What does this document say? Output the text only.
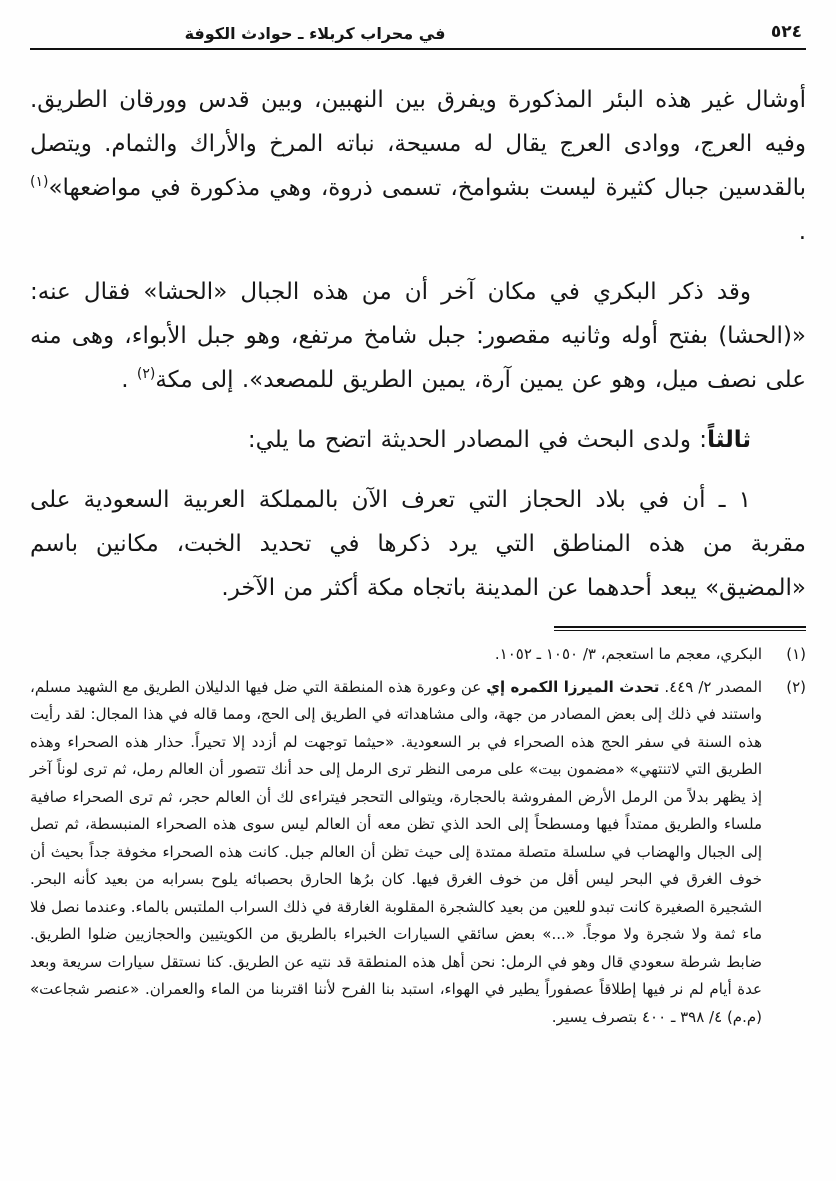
في محراب كربلاء ـ حوادث الكوفة	٥٢٤

أوشال غير هذه البئر المذكورة ويفرق بين النهبين، وبين قدس وورقان الطريق. وفيه العرج، ووادى العرج يقال له مسيحة، نباته المرخ والأراك والثمام. ويتصل بالقدسين جبال كثيرة ليست بشوامخ، تسمى ذروة، وهي مذكورة في مواضعها»$^{(١)}$ .

وقد ذكر البكري في مكان آخر أن من هذه الجبال «الحشا» فقال عنه: «(الحشا) بفتح أوله وثانيه مقصور: جبل شامخ مرتفع، وهو جبل الأبواء، وهى منه على نصف ميل، وهو عن يمين آرة، يمين الطريق للمصعد». إلى مكة$^{(٢)}$ .

ثالثاً: ولدى البحث في المصادر الحديثة اتضح ما يلي:

١ ـ أن في بلاد الحجاز التي تعرف الآن بالمملكة العربية السعودية على مقربة من هذه المناطق التي يرد ذكرها في تحديد الخبت، مكانين باسم «المضيق» يبعد أحدهما عن المدينة باتجاه مكة أكثر من الآخر.

(١)
البكري، معجم ما استعجم، ٣/ ١٠٥٠ ـ ١٠٥٢.
(٢)
المصدر ٢/ ٤٤٩. تحدث الميرزا الكمره إي عن وعورة هذه المنطقة التي ضل فيها الدليلان الطريق مع الشهيد مسلم، واستند في ذلك إلى بعض المصادر من جهة، والى مشاهداته في الطريق إلى الحج، ومما قاله في هذا المجال: لقد رأيت هذه السنة في سفر الحج هذه الصحراء في بر السعودية. «حيثما توجهت لم أزدد إلا تحيراً. حذار هذه الصحراء وهذه الطريق التي لاتنتهي» «مضمون بيت» على مرمى النظر ترى الرمل إلى حد أنك تتصور أن العالم رمل، ثم ترى لوناً آخر إذ يظهر بدلاً من الرمل الأرض المفروشة بالحجارة، ويتوالى التحجر فيتراءى لك أن العالم حجر، ثم ترى الصحراء صافية ملساء والطريق ممتداً فيها ومسطحاً إلى الحد الذي تظن معه أن العالم ليس سوى هذه الصحراء المنبسطة، ثم تصل إلى الجبال والهضاب في سلسلة متصلة ممتدة إلى حيث تظن أن العالم جبل. كانت هذه الصحراء مخوفة جداً بحيث أن خوف الغرق في البحر ليس أقل من خوف الغرق فيها. كان برُها الحارق بحصبائه يلوح بسرابه من بعيد كأنه البحر. الشجيرة الصغيرة كانت تبدو للعين من بعيد كالشجرة المقلوبة الغارقة في ذلك السراب الملتبس بالماء. وعندما نصل فلا ماء ثمة ولا شجرة ولا موجاً. «...» بعض سائقي السيارات الخبراء بالطريق من الكويتيين والحجازيين ضلوا الطريق. ضابط شرطة سعودي قال وهو في الرمل: نحن أهل هذه المنطقة قد نتيه عن الطريق. كنا نستقل سيارات سريعة وبعد عدة أيام لم نر فيها إطلاقاً عصفوراً يطير في الهواء، استبد بنا الفرح لأننا اقتربنا من الماء والعمران. «عنصر شجاعت» (م.م) ٤/ ٣٩٨ ـ ٤٠٠ بتصرف يسير.
